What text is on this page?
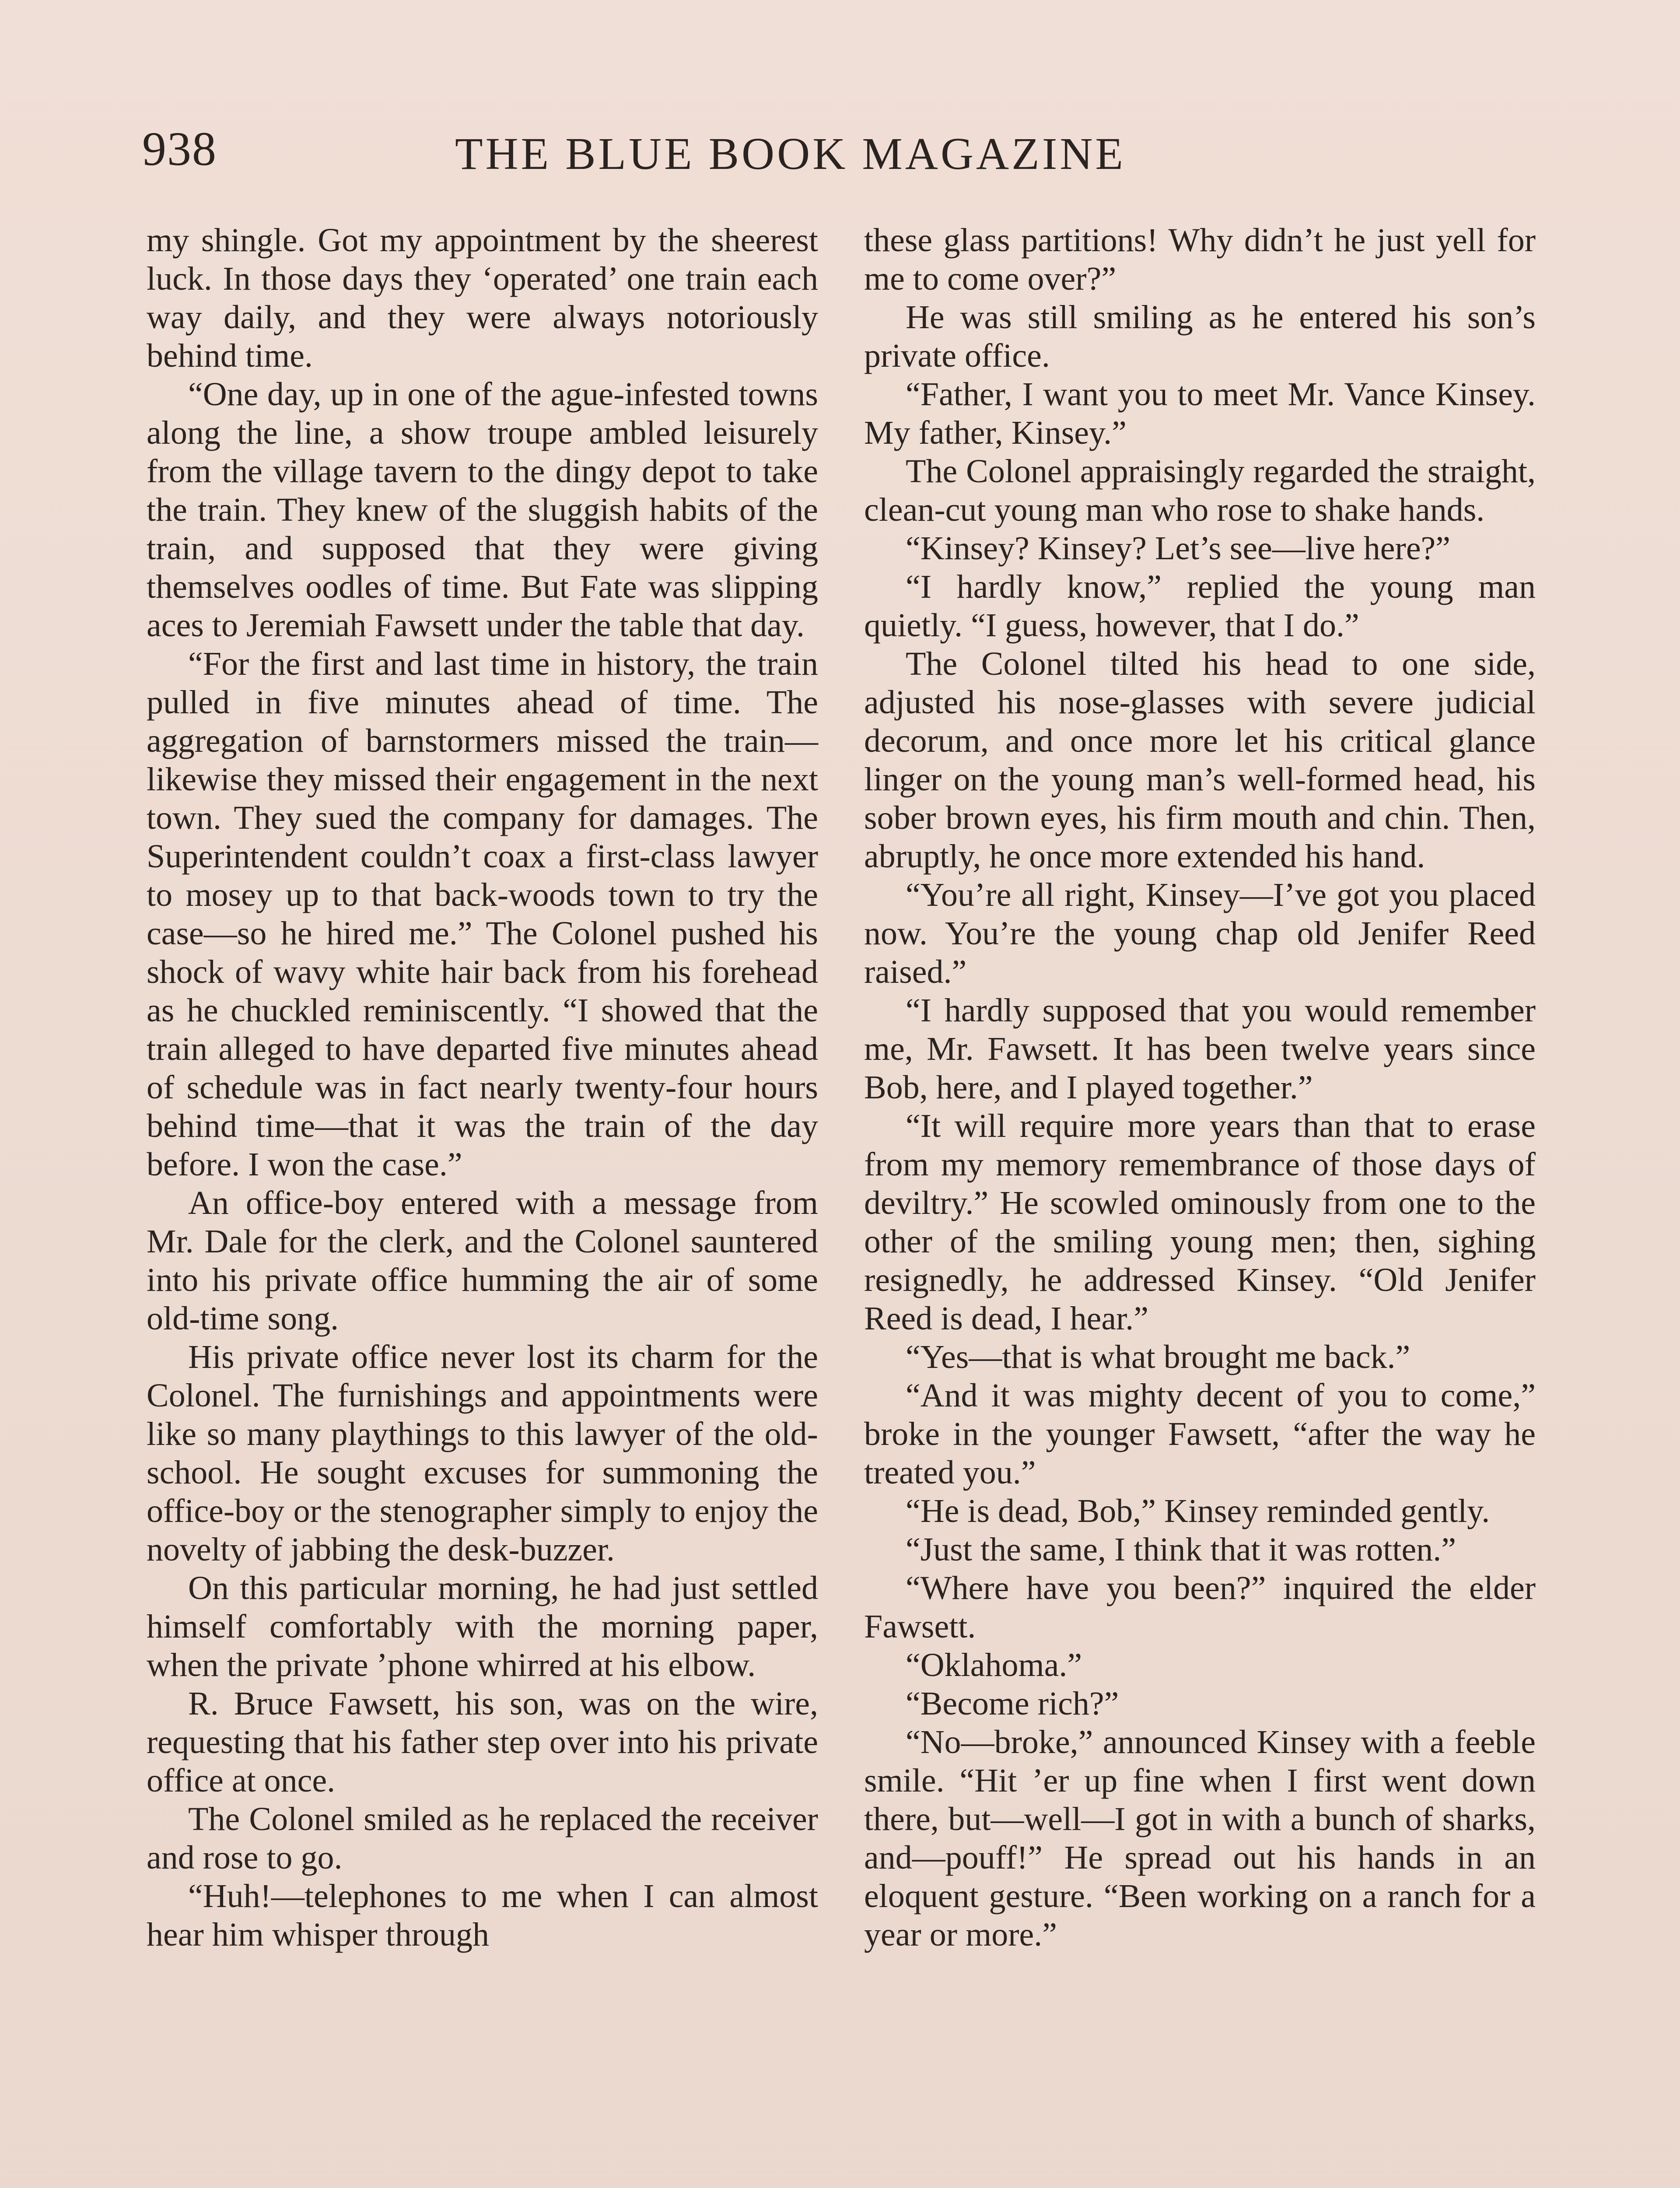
938	THE BLUE BOOK MAGAZINE

my shingle. Got my appointment by the sheerest luck. In those days they ‘operated’ one train each way daily, and they were always notoriously behind time.

“One day, up in one of the ague-infested towns along the line, a show troupe ambled leisurely from the village tavern to the dingy depot to take the train. They knew of the sluggish habits of the train, and supposed that they were giving themselves oodles of time. But Fate was slipping aces to Jeremiah Fawsett under the table that day.

“For the first and last time in history, the train pulled in five minutes ahead of time. The aggregation of barnstormers missed the train—likewise they missed their engagement in the next town. They sued the company for damages. The Superintendent couldn’t coax a first-class lawyer to mosey up to that back-woods town to try the case—so he hired me.” The Colonel pushed his shock of wavy white hair back from his forehead as he chuckled reminiscently. “I showed that the train alleged to have departed five minutes ahead of schedule was in fact nearly twenty-four hours behind time—that it was the train of the day before. I won the case.”

An office-boy entered with a message from Mr. Dale for the clerk, and the Colonel sauntered into his private office humming the air of some old-time song.

His private office never lost its charm for the Colonel. The furnishings and appointments were like so many playthings to this lawyer of the old-school. He sought excuses for summoning the office-boy or the stenographer simply to enjoy the novelty of jabbing the desk-buzzer.

On this particular morning, he had just settled himself comfortably with the morning paper, when the private ’phone whirred at his elbow.

R. Bruce Fawsett, his son, was on the wire, requesting that his father step over into his private office at once.

The Colonel smiled as he replaced the receiver and rose to go.

“Huh!—telephones to me when I can almost hear him whisper through

these glass partitions! Why didn’t he just yell for me to come over?”

He was still smiling as he entered his son’s private office.

“Father, I want you to meet Mr. Vance Kinsey. My father, Kinsey.”

The Colonel appraisingly regarded the straight, clean-cut young man who rose to shake hands.

“Kinsey? Kinsey? Let’s see—live here?”

“I hardly know,” replied the young man quietly. “I guess, however, that I do.”

The Colonel tilted his head to one side, adjusted his nose-glasses with severe judicial decorum, and once more let his critical glance linger on the young man’s well-formed head, his sober brown eyes, his firm mouth and chin. Then, abruptly, he once more extended his hand.

“You’re all right, Kinsey—I’ve got you placed now. You’re the young chap old Jenifer Reed raised.”

“I hardly supposed that you would remember me, Mr. Fawsett. It has been twelve years since Bob, here, and I played together.”

“It will require more years than that to erase from my memory remembrance of those days of deviltry.” He scowled ominously from one to the other of the smiling young men; then, sighing resignedly, he addressed Kinsey. “Old Jenifer Reed is dead, I hear.”

“Yes—that is what brought me back.”

“And it was mighty decent of you to come,” broke in the younger Fawsett, “after the way he treated you.”

“He is dead, Bob,” Kinsey reminded gently.

“Just the same, I think that it was rotten.”

“Where have you been?” inquired the elder Fawsett.

“Oklahoma.”

“Become rich?”

“No—broke,” announced Kinsey with a feeble smile. “Hit ’er up fine when I first went down there, but—well—I got in with a bunch of sharks, and—pouff!” He spread out his hands in an eloquent gesture. “Been working on a ranch for a year or more.”
